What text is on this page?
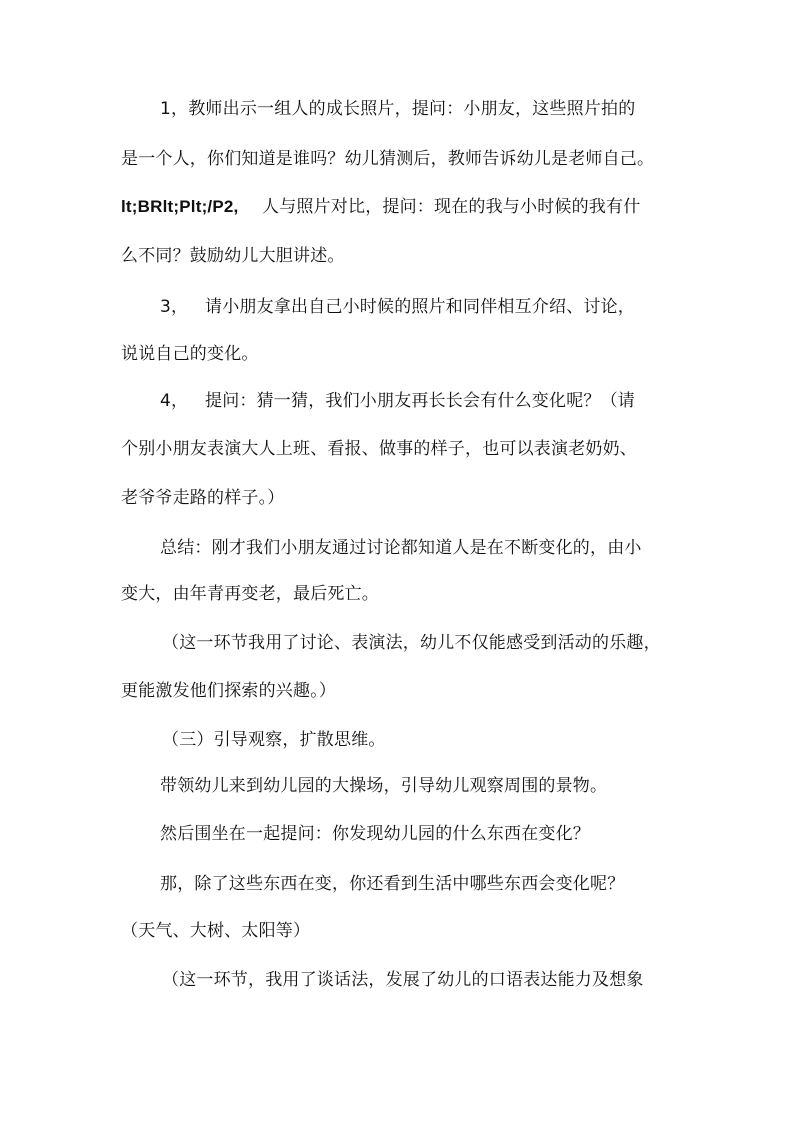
1，教师出示一组人的成长照片，提问：小朋友，这些照片拍的
是一个人，你们知道是谁吗？幼儿猜测后，教师告诉幼儿是老师自己。
lt;BRlt;Plt;/P2, 人与照片对比，提问：现在的我与小时候的我有什
么不同？鼓励幼儿大胆讲述。
3， 请小朋友拿出自己小时候的照片和同伴相互介绍、讨论，
说说自己的变化。
4， 提问：猜一猜，我们小朋友再长长会有什么变化呢？（请
个别小朋友表演大人上班、看报、做事的样子，也可以表演老奶奶、
老爷爷走路的样子。）
总结：刚才我们小朋友通过讨论都知道人是在不断变化的，由小
变大，由年青再变老，最后死亡。
（这一环节我用了讨论、表演法，幼儿不仅能感受到活动的乐趣，
更能激发他们探索的兴趣。）
（三）引导观察，扩散思维。
带领幼儿来到幼儿园的大操场，引导幼儿观察周围的景物。
然后围坐在一起提问：你发现幼儿园的什么东西在变化？
那，除了这些东西在变，你还看到生活中哪些东西会变化呢？
（天气、大树、太阳等）
（这一环节，我用了谈话法，发展了幼儿的口语表达能力及想象
